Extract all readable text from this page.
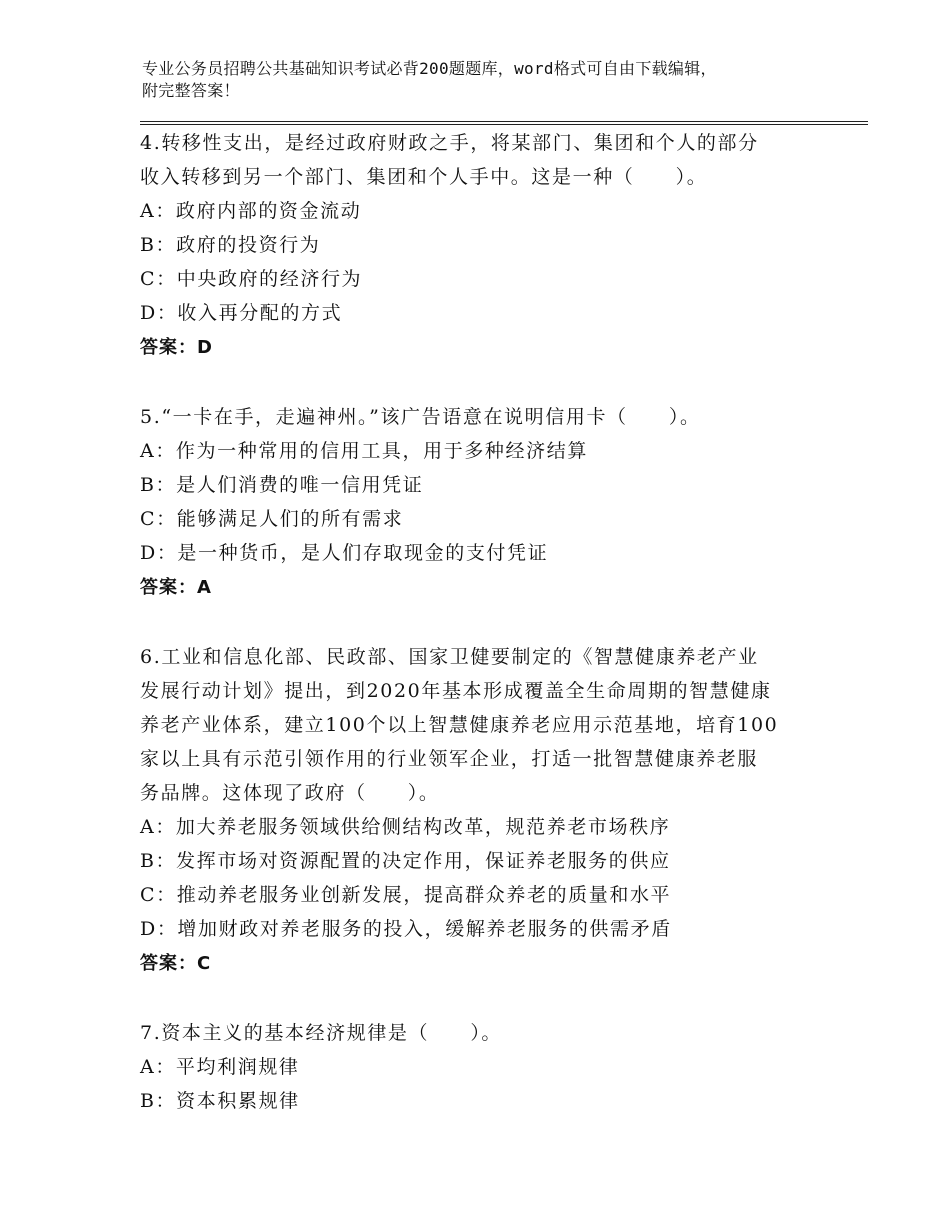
专业公务员招聘公共基础知识考试必背200题题库，word格式可自由下载编辑，
附完整答案！
4.转移性支出，是经过政府财政之手，将某部门、集团和个人的部分
收入转移到另一个部门、集团和个人手中。这是一种（　　）。
A：政府内部的资金流动
B：政府的投资行为
C：中央政府的经济行为
D：收入再分配的方式
答案：D
5.“一卡在手，走遍神州。”该广告语意在说明信用卡（　　）。
A：作为一种常用的信用工具，用于多种经济结算
B：是人们消费的唯一信用凭证
C：能够满足人们的所有需求
D：是一种货币，是人们存取现金的支付凭证
答案：A
6.工业和信息化部、民政部、国家卫健要制定的《智慧健康养老产业
发展行动计划》提出，到2020年基本形成覆盖全生命周期的智慧健康
养老产业体系，建立100个以上智慧健康养老应用示范基地，培育100
家以上具有示范引领作用的行业领军企业，打适一批智慧健康养老服
务品牌。这体现了政府（　　）。
A：加大养老服务领域供给侧结构改革，规范养老市场秩序
B：发挥市场对资源配置的决定作用，保证养老服务的供应
C：推动养老服务业创新发展，提高群众养老的质量和水平
D：增加财政对养老服务的投入，缓解养老服务的供需矛盾
答案：C
7.资本主义的基本经济规律是（　　）。
A：平均利润规律
B：资本积累规律
